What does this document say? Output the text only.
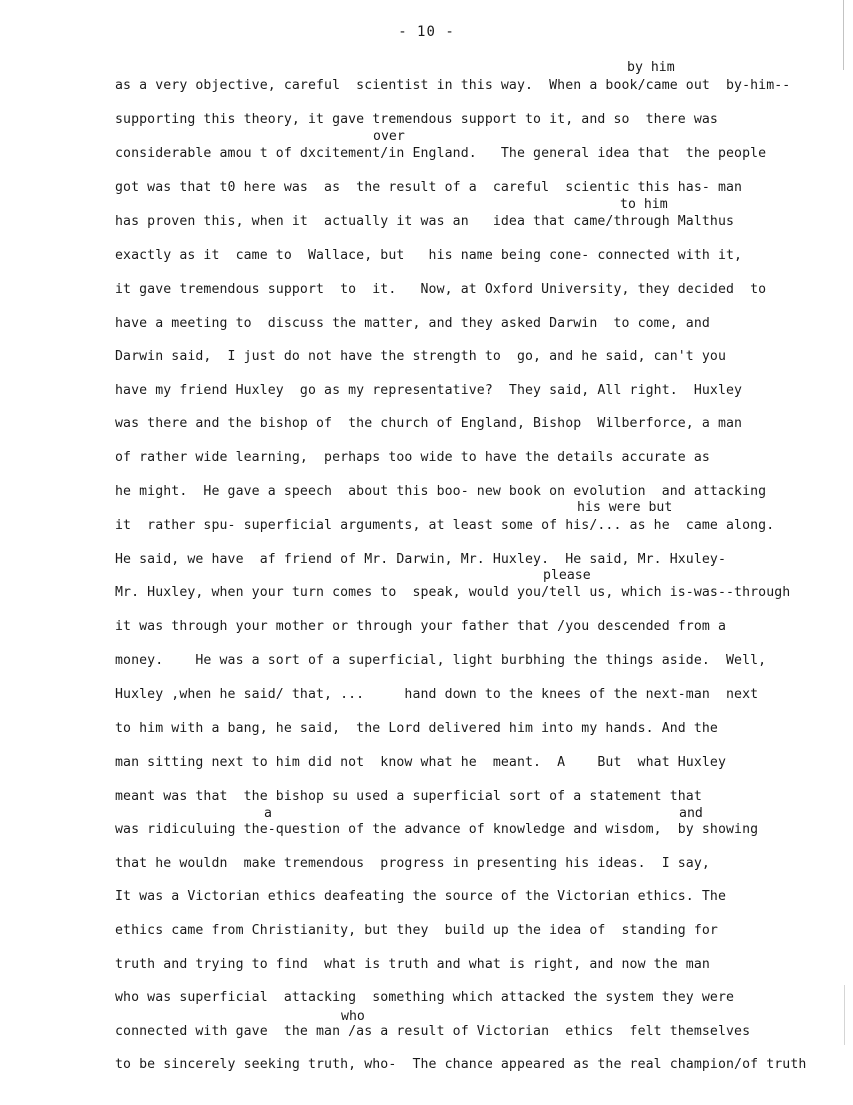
- 10 -
by him
over
to him
his were but
please
a	and
who
as a very objective, careful  scientist in this way.  When a book/came out  by-him--
supporting this theory, it gave tremendous support to it, and so  there was
considerable amou t of dxcitement/in England.   The general idea that  the people
got was that t0 here was  as  the result of a  careful  scientic this has- man
has proven this, when it  actually it was an   idea that came/through Malthus
exactly as it  came to  Wallace, but   his name being cone- connected with it,
it gave tremendous support  to  it.   Now, at Oxford University, they decided  to
have a meeting to  discuss the matter, and they asked Darwin  to come, and
Darwin said,  I just do not have the strength to  go, and he said, can't you
have my friend Huxley  go as my representative?  They said, All right.  Huxley
was there and the bishop of  the church of England, Bishop  Wilberforce, a man
of rather wide learning,  perhaps too wide to have the details accurate as
he might.  He gave a speech  about this boo- new book on evolution  and attacking
it  rather spu- superficial arguments, at least some of his/... as he  came along.
He said, we have  af friend of Mr. Darwin, Mr. Huxley.  He said, Mr. Hxuley-
Mr. Huxley, when your turn comes to  speak, would you/tell us, which is-was--through
it was through your mother or through your father that /you descended from a
money.    He was a sort of a superficial, light burbhing the things aside.  Well,
Huxley ,when he said/ that, ...     hand down to the knees of the next-man  next
to him with a bang, he said,  the Lord delivered him into my hands. And the
man sitting next to him did not  know what he  meant.  A    But  what Huxley
meant was that  the bishop su used a superficial sort of a statement that
was ridiculuing the-question of the advance of knowledge and wisdom,  by showing
that he wouldn  make tremendous  progress in presenting his ideas.  I say,
It was a Victorian ethics deafeating the source of the Victorian ethics. The
ethics came from Christianity, but they  build up the idea of  standing for
truth and trying to find  what is truth and what is right, and now the man
who was superficial  attacking  something which attacked the system they were
connected with gave  the man /as a result of Victorian  ethics  felt themselves
to be sincerely seeking truth, who-  The chance appeared as the real champion/of truth
